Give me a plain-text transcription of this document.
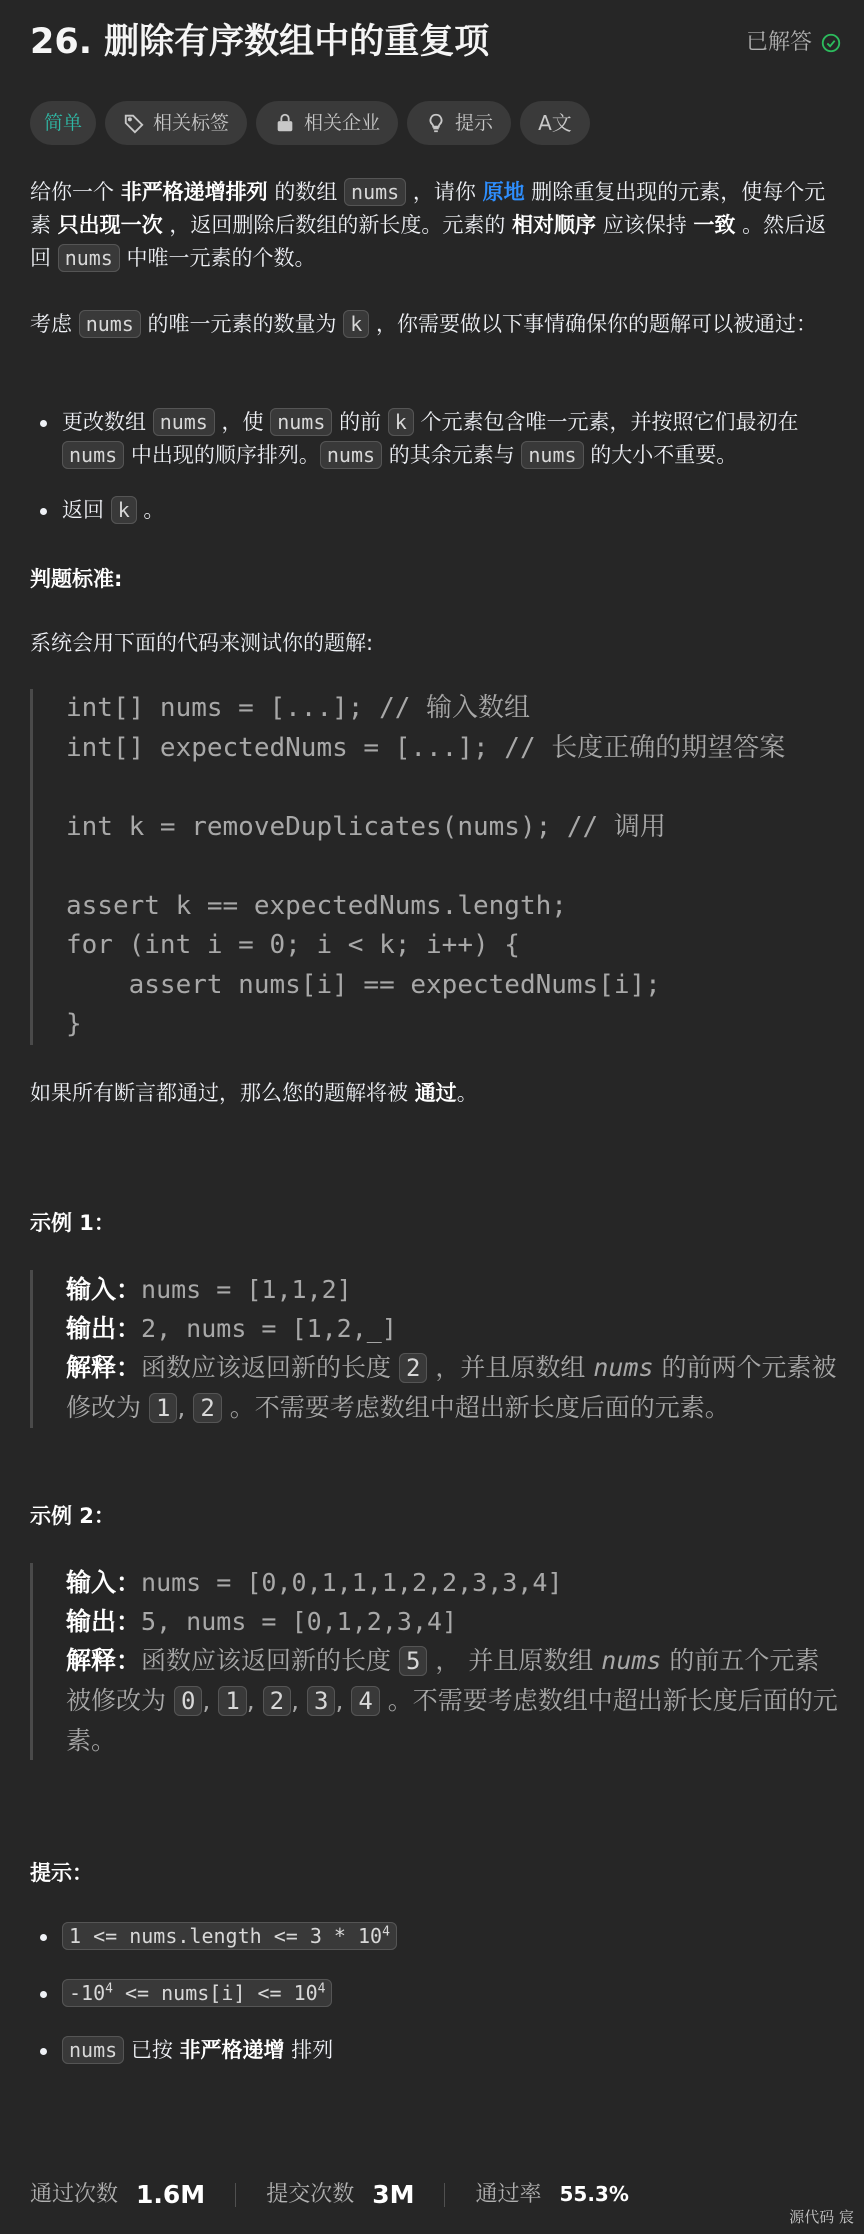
26. 删除有序数组中的重复项	已解答
简单	相关标签	相关企业	提示 A文
给你一个 非严格递增排列 的数组 nums ，请你 原地 删除重复出现的元素，使每个元素 只出现一次 ，返回删除后数组的新长度。元素的 相对顺序 应该保持 一致 。然后返回 nums 中唯一元素的个数。
考虑 nums 的唯一元素的数量为 k ，你需要做以下事情确保你的题解可以被通过：
更改数组 nums ，使 nums 的前 k 个元素包含唯一元素，并按照它们最初在 nums 中出现的顺序排列。 nums 的其余元素与 nums 的大小不重要。
返回 k 。
判题标准:
系统会用下面的代码来测试你的题解:
int[] nums = [...]; // 输入数组
int[] expectedNums = [...]; // 长度正确的期望答案

int k = removeDuplicates(nums); // 调用

assert k == expectedNums.length;
for (int i = 0; i < k; i++) {
assert nums[i] == expectedNums[i];
}
如果所有断言都通过，那么您的题解将被 通过。
示例 1：
输入：nums = [1,1,2]
输出：2, nums = [1,2,_]
解释：函数应该返回新的长度 2 ，并且原数组 nums 的前两个元素被修改为 1 , 2 。不需要考虑数组中超出新长度后面的元素。
示例 2：
输入：nums = [0,0,1,1,1,2,2,3,3,4]
输出：5, nums = [0,1,2,3,4]
解释：函数应该返回新的长度 5 ， 并且原数组 nums 的前五个元素被修改为 0 , 1 , 2 , 3 , 4 。不需要考虑数组中超出新长度后面的元素。
提示：
1 <= nums.length <= $3 * 10^4$
$-10^4$ <= nums[i] <= $10^4$
nums 已按 非严格递增 排列
通过次数 1.6M	提交次数 3M	通过率 55.3%
源代码 宸
